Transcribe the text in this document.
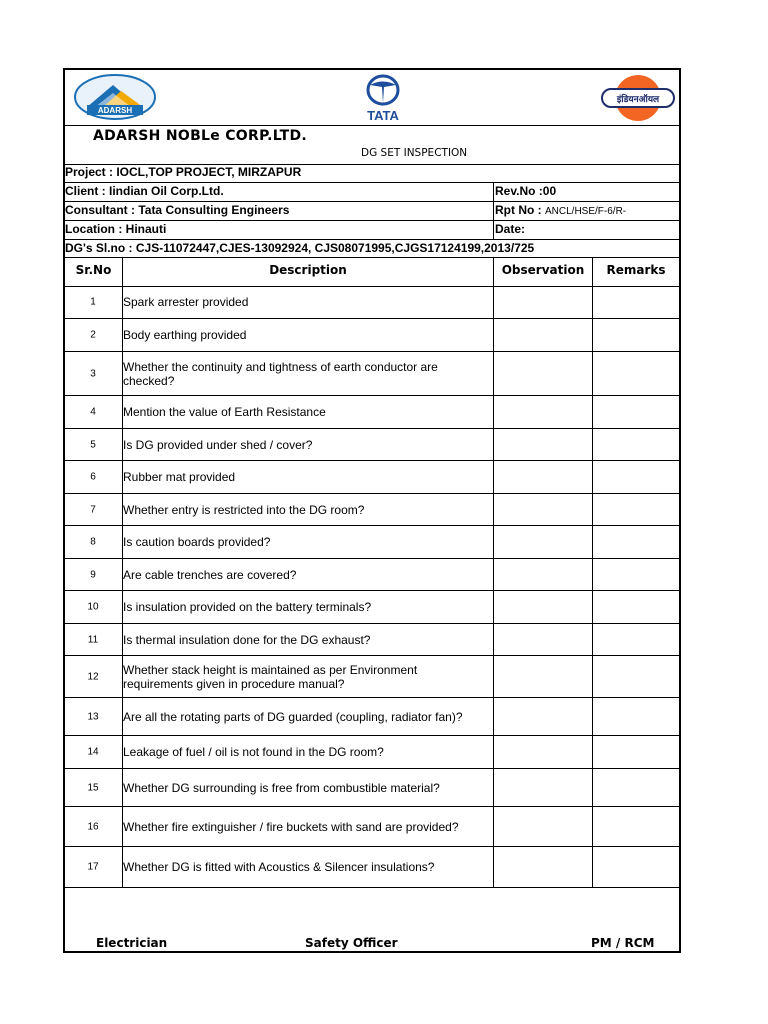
ADARSH	TATA
इंडियनऑयल
ADARSH NOBLe CORP.LTD.
DG SET INSPECTION
Project : IOCL,TOP PROJECT, MIRZAPUR
Client : Iindian Oil Corp.Ltd.	Rev.No :00
Consultant : Tata Consulting Engineers	Rpt No : ANCL/HSE/F-6/R-
Location : Hinauti	Date:
DG's Sl.no : CJS-11072447,CJES-13092924, CJS08071995,CJGS17124199,2013/725
Sr.No	Description	Observation	Remarks
1	Spark arrester provided
2	Body earthing provided
3	Whether the continuity and tightness of earth conductor are checked?
4	Mention the value of Earth Resistance
5	Is DG provided under shed / cover?
6	Rubber mat provided
7	Whether entry is restricted into the DG room?
8	Is caution boards provided?
9	Are cable trenches are covered?
10	Is insulation provided on the battery terminals?
11	Is thermal insulation done for the DG exhaust?
12	Whether stack height is maintained as per Environment requirements given in procedure manual?
13	Are all the rotating parts of DG guarded (coupling, radiator fan)?
14	Leakage of fuel / oil is not found in the DG room?
15	Whether DG surrounding is free from combustible material?
16	Whether fire extinguisher / fire buckets with sand are provided?
17	Whether DG is fitted with Acoustics & Silencer insulations?
Electrician	Safety Officer	PM / RCM
